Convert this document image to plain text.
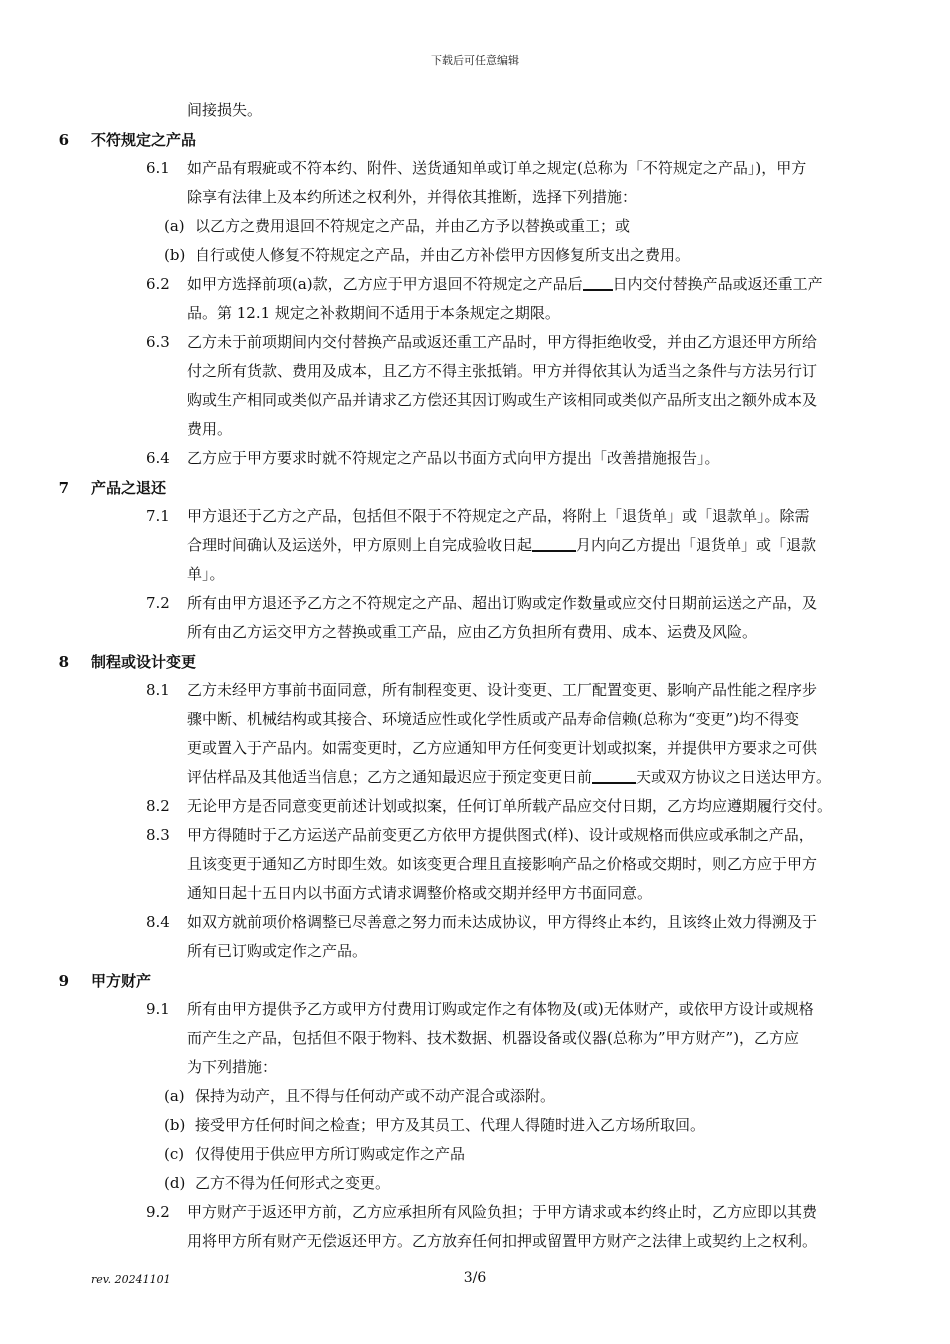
下载后可任意编辑
间接损失。
6	不符规定之产品
6.1	如产品有瑕疵或不符本约、附件、送货通知单或订单之规定(总称为「不符规定之产品」)，甲方
除享有法律上及本约所述之权利外，并得依其推断，选择下列措施：
(a) 以乙方之费用退回不符规定之产品，并由乙方予以替换或重工；或
(b) 自行或使人修复不符规定之产品，并由乙方补偿甲方因修复所支出之费用。
6.2	如甲方选择前项(a)款，乙方应于甲方退回不符规定之产品后 日内交付替换产品或返还重工产
品。第 12.1 规定之补救期间不适用于本条规定之期限。
6.3	乙方未于前项期间内交付替换产品或返还重工产品时，甲方得拒绝收受，并由乙方退还甲方所给
付之所有货款、费用及成本，且乙方不得主张抵销。甲方并得依其认为适当之条件与方法另行订
购或生产相同或类似产品并请求乙方偿还其因订购或生产该相同或类似产品所支出之额外成本及
费用。
6.4	乙方应于甲方要求时就不符规定之产品以书面方式向甲方提出「改善措施报告」。
7	产品之退还
7.1	甲方退还于乙方之产品，包括但不限于不符规定之产品，将附上「退货单」或「退款单」。除需
合理时间确认及运送外，甲方原则上自完成验收日起	月内向乙方提出「退货单」或「退款
单」。
7.2	所有由甲方退还予乙方之不符规定之产品、超出订购或定作数量或应交付日期前运送之产品，及
所有由乙方运交甲方之替换或重工产品，应由乙方负担所有费用、成本、运费及风险。
8	制程或设计变更
8.1	乙方未经甲方事前书面同意，所有制程变更、设计变更、工厂配置变更、影响产品性能之程序步
骤中断、机械结构或其接合、环境适应性或化学性质或产品寿命信赖(总称为“变更”)均不得变
更或置入于产品内。如需变更时，乙方应通知甲方任何变更计划或拟案，并提供甲方要求之可供
评估样品及其他适当信息；乙方之通知最迟应于预定变更日前	天或双方协议之日送达甲方。
8.2	无论甲方是否同意变更前述计划或拟案，任何订单所载产品应交付日期，乙方均应遵期履行交付。
8.3	甲方得随时于乙方运送产品前变更乙方依甲方提供图式(样)、设计或规格而供应或承制之产品，
且该变更于通知乙方时即生效。如该变更合理且直接影响产品之价格或交期时，则乙方应于甲方
通知日起十五日内以书面方式请求调整价格或交期并经甲方书面同意。
8.4	如双方就前项价格调整已尽善意之努力而未达成协议，甲方得终止本约，且该终止效力得溯及于
所有已订购或定作之产品。
9	甲方财产
9.1	所有由甲方提供予乙方或甲方付费用订购或定作之有体物及(或)无体财产，或依甲方设计或规格
而产生之产品，包括但不限于物料、技术数据、机器设备或仪器(总称为”甲方财产”)，乙方应
为下列措施：
(a) 保持为动产，且不得与任何动产或不动产混合或添附。
(b) 接受甲方任何时间之检查；甲方及其员工、代理人得随时进入乙方场所取回。
(c) 仅得使用于供应甲方所订购或定作之产品
(d) 乙方不得为任何形式之变更。
9.2	甲方财产于返还甲方前，乙方应承担所有风险负担；于甲方请求或本约终止时，乙方应即以其费
用将甲方所有财产无偿返还甲方。乙方放弃任何扣押或留置甲方财产之法律上或契约上之权利。
rev. 20241101	3/6
